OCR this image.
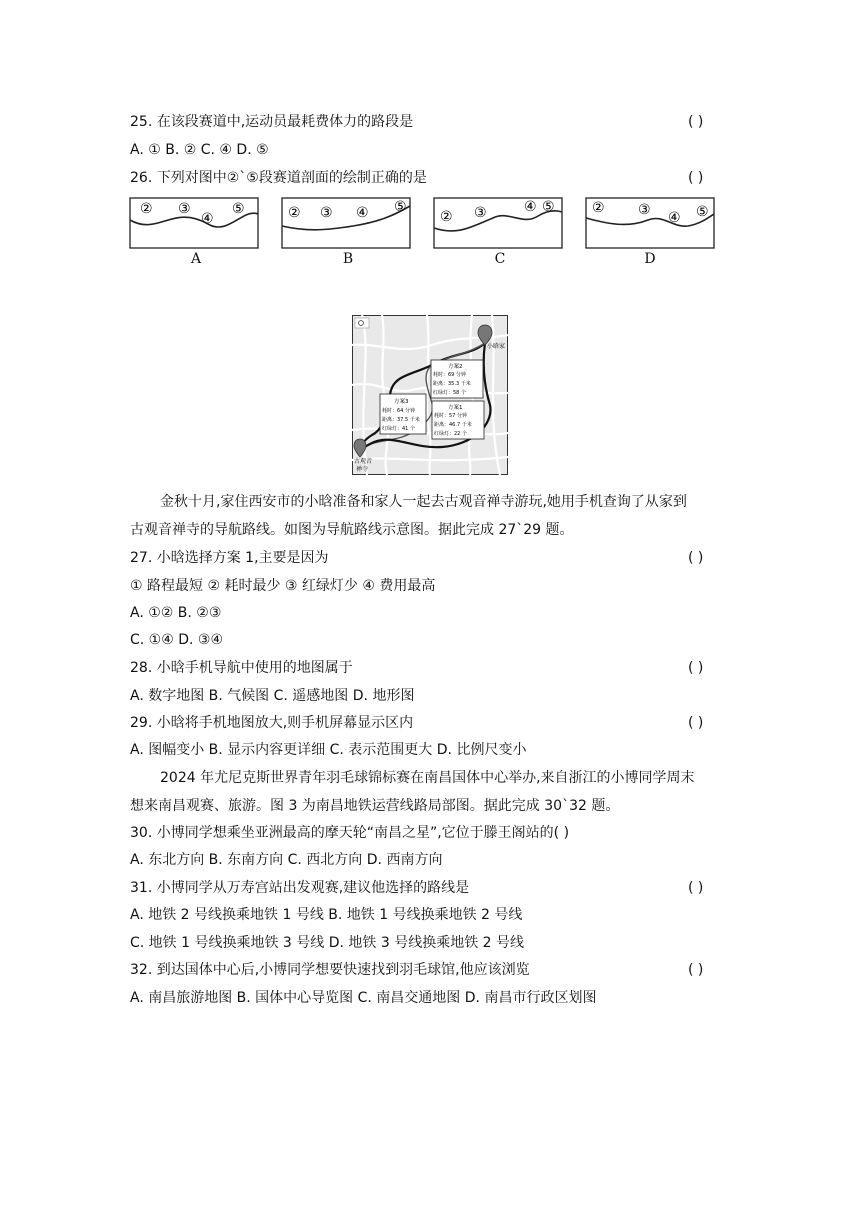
25. 在该段赛道中,运动员最耗费体力的路段是	( )
A. ① B. ② C. ④ D. ⑤
26. 下列对图中②`⑤段赛道剖面的绘制正确的是	( )
② ③
④
⑤	② ③ ④ ⑤
② ③	④ ⑤	② ③ ④ ⑤
A	B	C	D
小晗家
古观音
禅寺
方案2
耗时：69 分钟
距离：35.3 千米
红绿灯：58 个
方案3
耗时：64 分钟
距离：37.5 千米
红绿灯：41 个
方案1
耗时：57 分钟
距离：46.7 千米
红绿灯：22 个
金秋十月,家住西安市的小晗准备和家人一起去古观音禅寺游玩,她用手机查询了从家到
古观音禅寺的导航路线。如图为导航路线示意图。据此完成 27`29 题。
27. 小晗选择方案 1,主要是因为	( )
① 路程最短 ② 耗时最少 ③ 红绿灯少 ④ 费用最高
A. ①② B. ②③
C. ①④ D. ③④
28. 小晗手机导航中使用的地图属于	( )
A. 数字地图 B. 气候图 C. 遥感地图 D. 地形图
29. 小晗将手机地图放大,则手机屏幕显示区内	( )
A. 图幅变小 B. 显示内容更详细 C. 表示范围更大 D. 比例尺变小
2024 年尤尼克斯世界青年羽毛球锦标赛在南昌国体中心举办,来自浙江的小博同学周末
想来南昌观赛、旅游。图 3 为南昌地铁运营线路局部图。据此完成 30`32 题。
30. 小博同学想乘坐亚洲最高的摩天轮“南昌之星”,它位于滕王阁站的( )
A. 东北方向 B. 东南方向 C. 西北方向 D. 西南方向
31. 小博同学从万寿宫站出发观赛,建议他选择的路线是	( )
A. 地铁 2 号线换乘地铁 1 号线 B. 地铁 1 号线换乘地铁 2 号线
C. 地铁 1 号线换乘地铁 3 号线 D. 地铁 3 号线换乘地铁 2 号线
32. 到达国体中心后,小博同学想要快速找到羽毛球馆,他应该浏览	( )
A. 南昌旅游地图 B. 国体中心导览图 C. 南昌交通地图 D. 南昌市行政区划图
